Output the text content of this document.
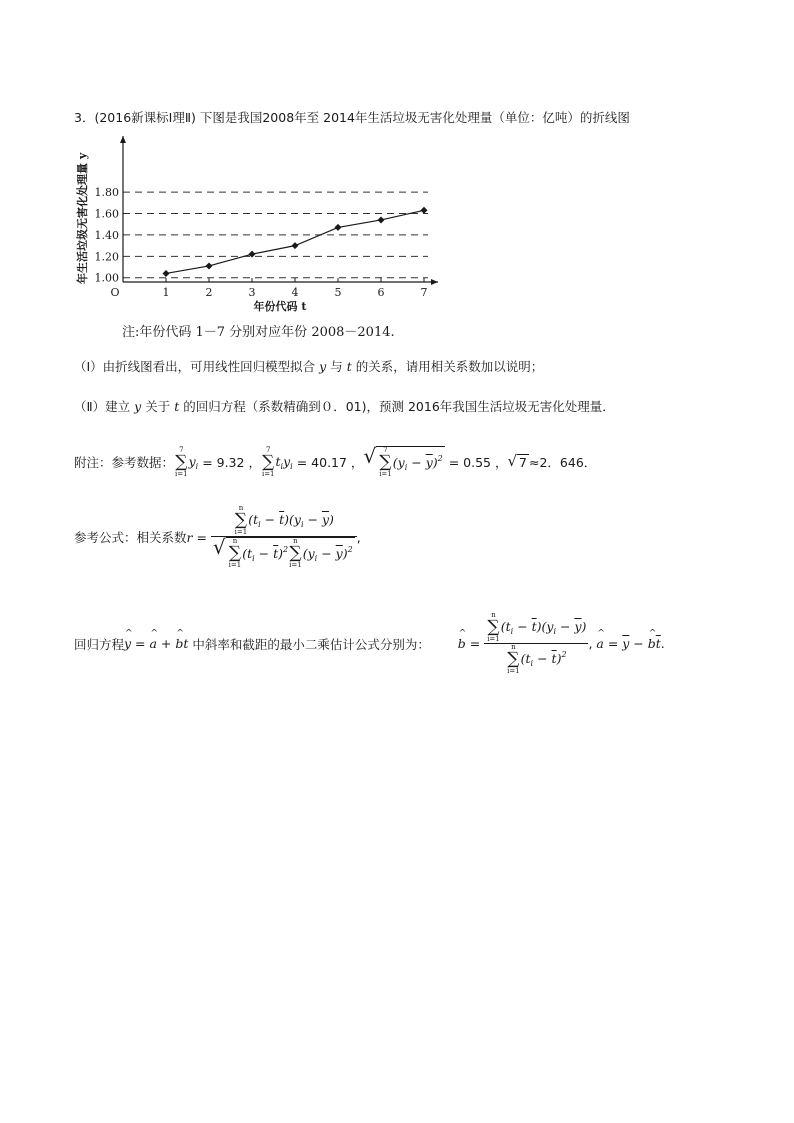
3．(2016新课标Ⅰ理Ⅱ) 下图是我国2008年至 2014年生活垃圾无害化处理量（单位：亿吨）的折线图
1.00
1.20
1.40
1.60
1.80
1	2	3	4	5	6	7
O
年份代码 t
年生活垃圾无害化处理量 y
注:年份代码 1－7 分别对应年份 2008－2014.
（Ⅰ）由折线图看出，可用线性回归模型拟合 y 与 t 的关系，请用相关系数加以说明；
（Ⅱ）建立 y 关于 t 的回归方程（系数精确到０．01)，预测 2016年我国生活垃圾无害化处理量．
附注：参考数据：
7
∑
i=1
$y_i$
= 9.32 ，
7
∑
i=1
$t_iy_i$
= 40.17 ， √ 7
∑
i=1
$(y_i - \overline{y})^2$
= 0.55 ， √ 7 ≈2．646．
参考公式：相关系数 r = n
∑
i=1
$(t_i - \overline{t})(y_i - \overline{y})$
√ n
∑
i=1
$(t_i - \overline{t})^2$
n
∑
i=1
$(y_i - \overline{y})^2$ ,
回归方程 ^ y = ^ a + ^ bt
中斜率和截距的最小二乘估计公式分别为：
^ b = n
∑
i=1
$(t_i - \overline{t})(y_i - \overline{y})$
n
∑
i=1
$(t_i - \overline{t})^2$ , ^ $a = \overline{y}$ − ^ $b\overline{t}$ .
